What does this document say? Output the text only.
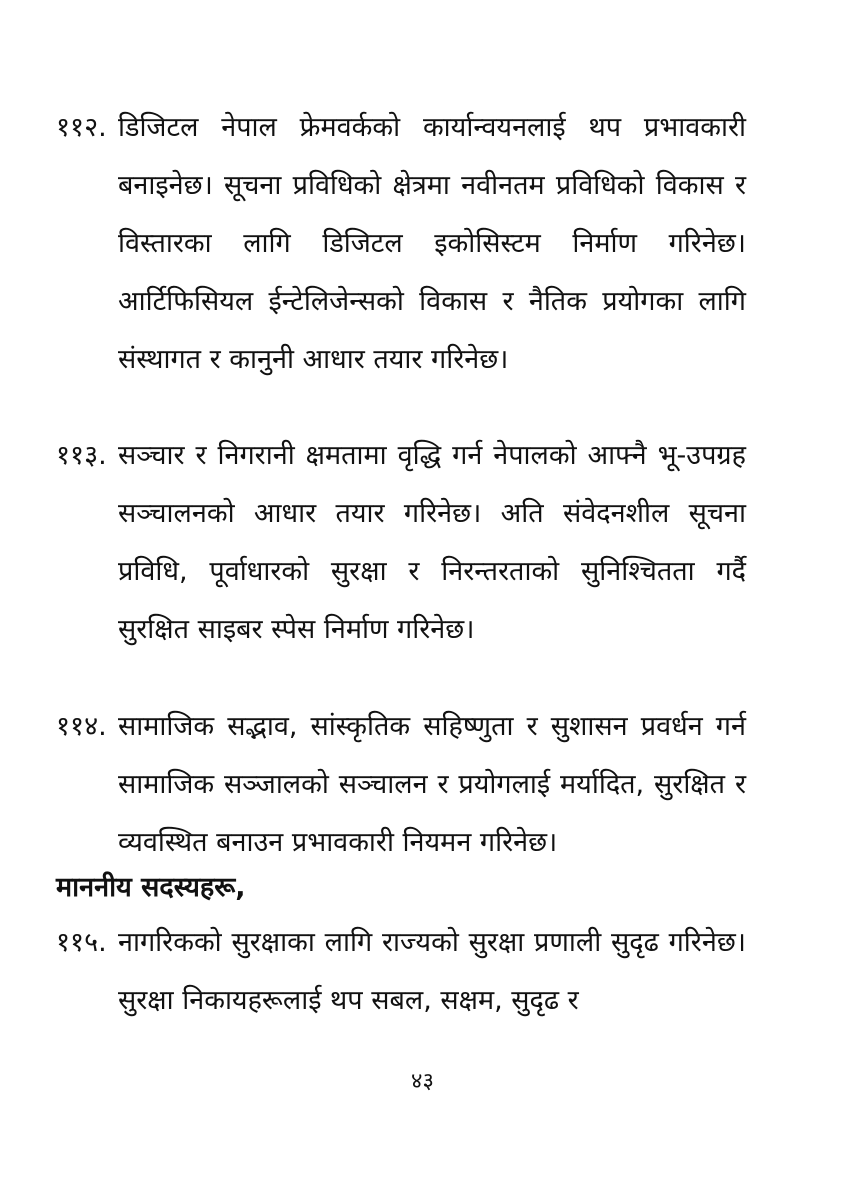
११२. डिजिटल नेपाल फ्रेमवर्कको कार्यान्वयनलाई थप प्रभावकारी बनाइनेछ। सूचना प्रविधिको क्षेत्रमा नवीनतम प्रविधिको विकास र विस्तारका लागि डिजिटल इकोसिस्टम निर्माण गरिनेछ। आर्टिफिसियल ईन्टेलिजेन्सको विकास र नैतिक प्रयोगका लागि संस्थागत र कानुनी आधार तयार गरिनेछ।
११३. सञ्चार र निगरानी क्षमतामा वृद्धि गर्न नेपालको आफ्नै भू-उपग्रह सञ्चालनको आधार तयार गरिनेछ। अति संवेदनशील सूचना प्रविधि, पूर्वाधारको सुरक्षा र निरन्तरताको सुनिश्चितता गर्दै सुरक्षित साइबर स्पेस निर्माण गरिनेछ।
११४. सामाजिक सद्भाव, सांस्कृतिक सहिष्णुता र सुशासन प्रवर्धन गर्न सामाजिक सञ्जालको सञ्चालन र प्रयोगलाई मर्यादित, सुरक्षित र व्यवस्थित बनाउन प्रभावकारी नियमन गरिनेछ।
माननीय सदस्यहरू,
११५. नागरिकको सुरक्षाका लागि राज्यको सुरक्षा प्रणाली सुदृढ गरिनेछ। सुरक्षा निकायहरूलाई थप सबल, सक्षम, सुदृढ र
४३
